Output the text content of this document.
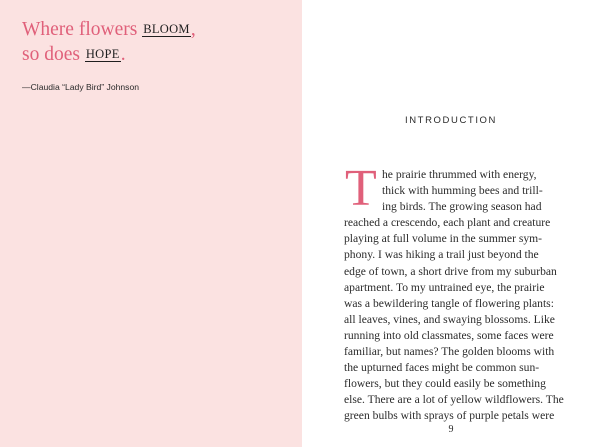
Where flowers BLOOM,
so does HOPE.
—Claudia “Lady Bird” Johnson
INTRODUCTION
T he prairie thrummed with energy,
thick with humming bees and trill-
ing birds. The growing season had
reached a crescendo, each plant and creature
playing at full volume in the summer sym-
phony. I was hiking a trail just beyond the
edge of town, a short drive from my suburban
apartment. To my untrained eye, the prairie
was a bewildering tangle of flowering plants:
all leaves, vines, and swaying blossoms. Like
running into old classmates, some faces were
familiar, but names? The golden blooms with
the upturned faces might be common sun-
flowers, but they could easily be something
else. There are a lot of yellow wildflowers. The
green bulbs with sprays of purple petals were
9
